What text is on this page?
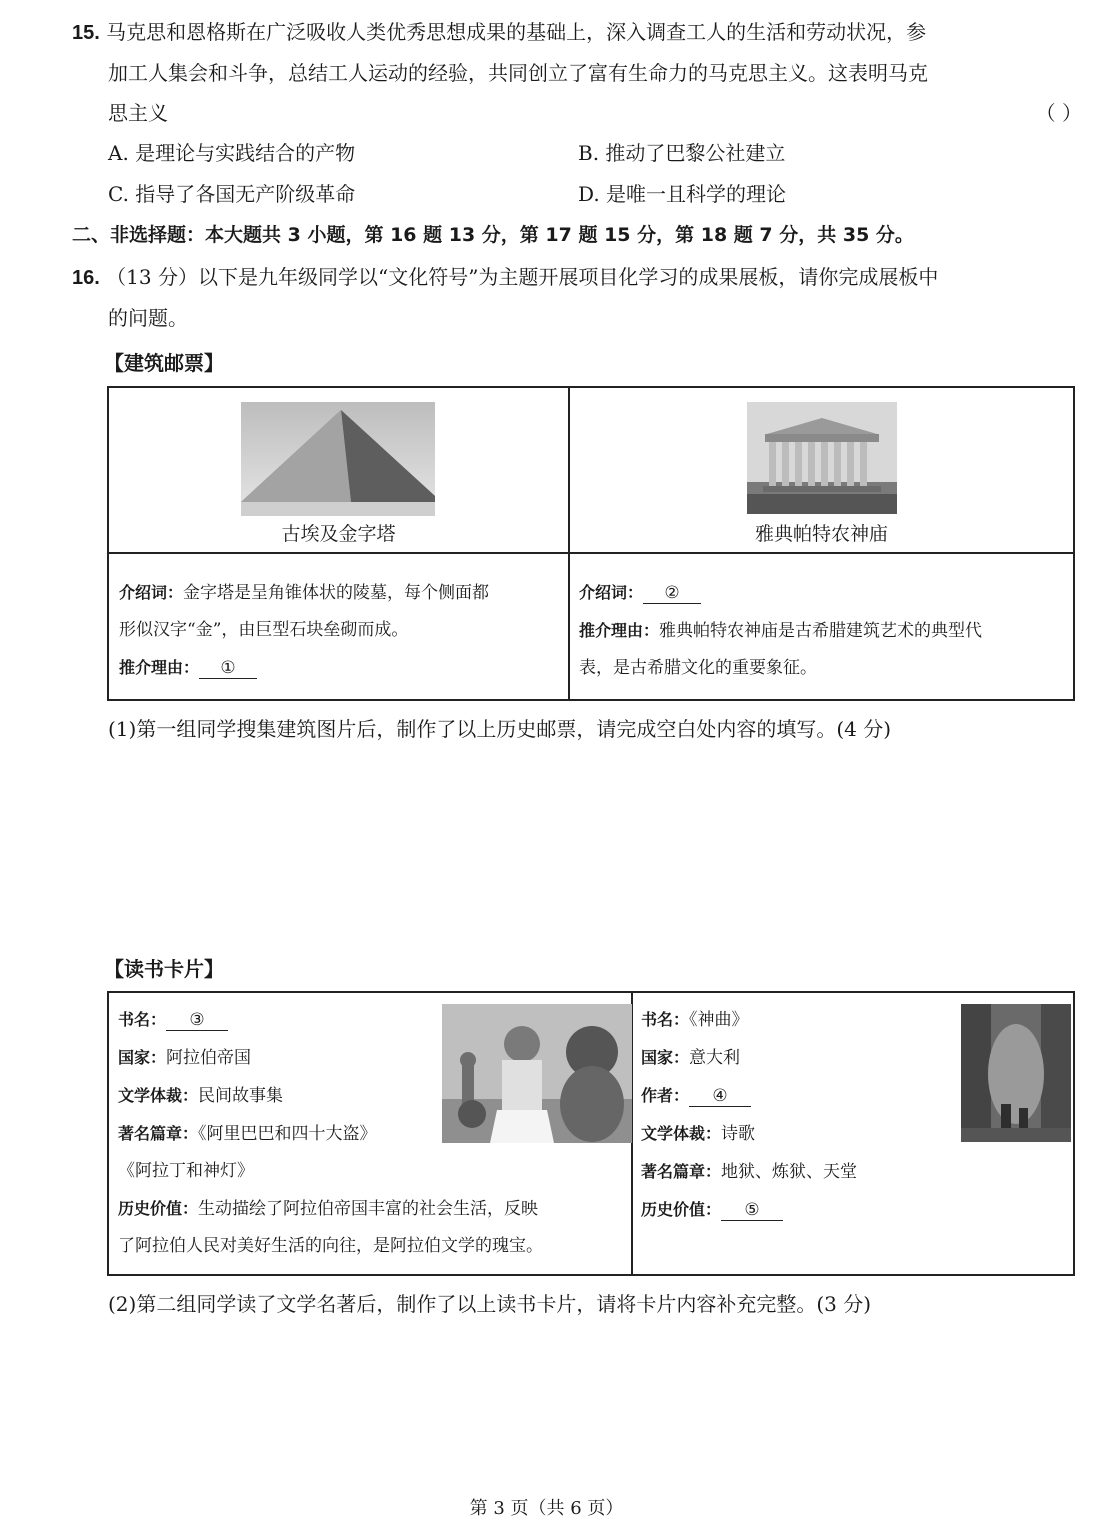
15. 马克思和恩格斯在广泛吸收人类优秀思想成果的基础上，深入调查工人的生活和劳动状况，参
加工人集会和斗争，总结工人运动的经验，共同创立了富有生命力的马克思主义。这表明马克
思主义	（ ）
A. 是理论与实践结合的产物	B. 推动了巴黎公社建立
C. 指导了各国无产阶级革命	D. 是唯一且科学的理论
二、非选择题：本大题共 3 小题，第 16 题 13 分，第 17 题 15 分，第 18 题 7 分，共 35 分。
16. （13 分）以下是九年级同学以“文化符号”为主题开展项目化学习的成果展板，请你完成展板中
的问题。
【建筑邮票】
古埃及金字塔	雅典帕特农神庙
介绍词：金字塔是呈角锥体状的陵墓，每个侧面都
形似汉字“金”，由巨型石块垒砌而成。
推介理由： ①
介绍词： ②
推介理由：雅典帕特农神庙是古希腊建筑艺术的典型代
表，是古希腊文化的重要象征。
(1)第一组同学搜集建筑图片后，制作了以上历史邮票，请完成空白处内容的填写。(4 分)
【读书卡片】
书名： ③
国家：阿拉伯帝国
文学体裁：民间故事集
著名篇章：《阿里巴巴和四十大盗》
《阿拉丁和神灯》
历史价值：生动描绘了阿拉伯帝国丰富的社会生活，反映
了阿拉伯人民对美好生活的向往，是阿拉伯文学的瑰宝。
书名：《神曲》
国家：意大利
作者： ④
文学体裁：诗歌
著名篇章：地狱、炼狱、天堂
历史价值： ⑤
(2)第二组同学读了文学名著后，制作了以上读书卡片，请将卡片内容补充完整。(3 分)
第 3 页（共 6 页）
